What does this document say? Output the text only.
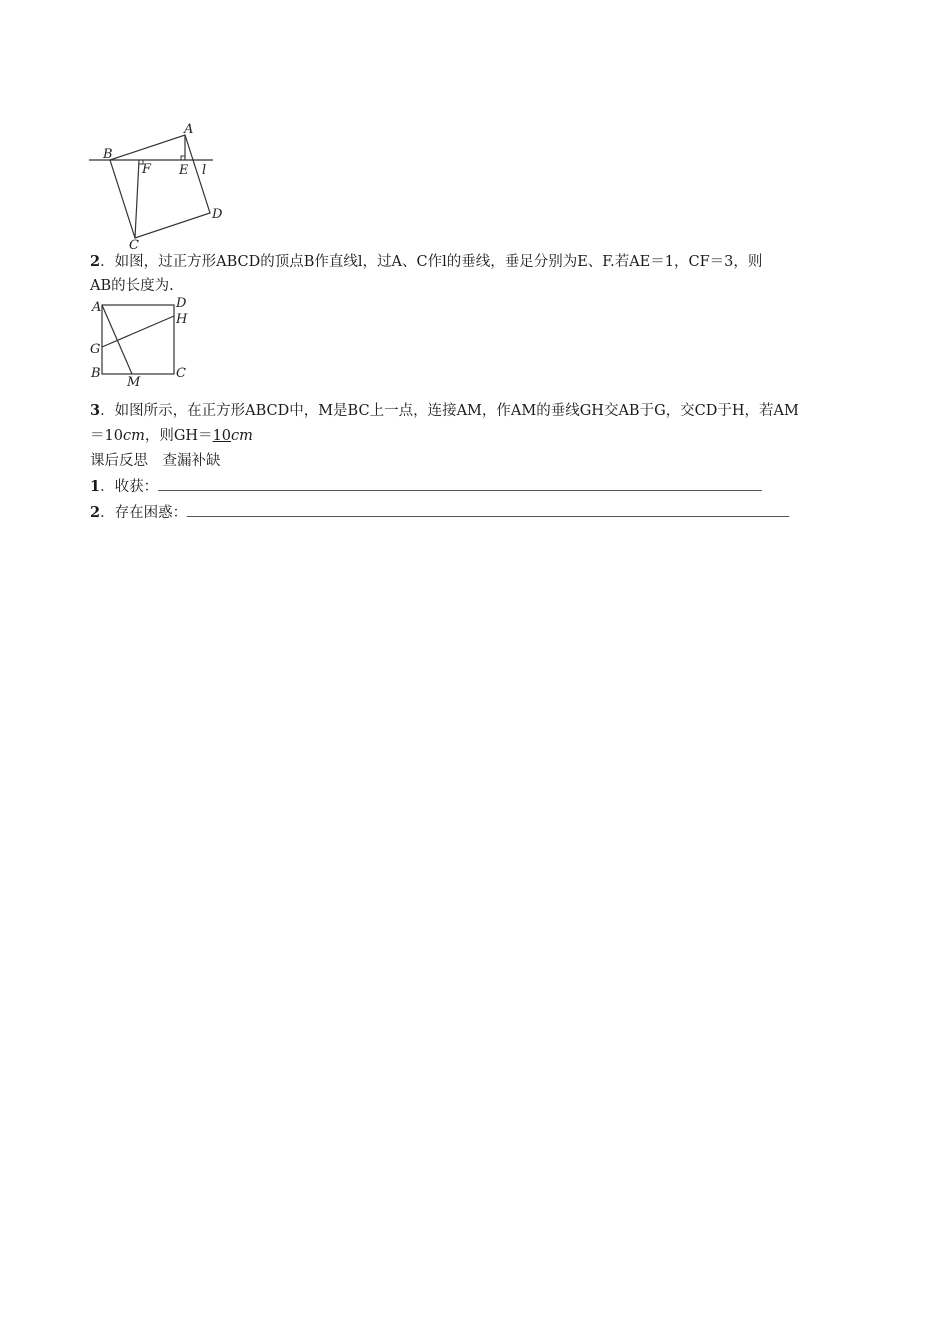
A
B
C
D
E
F	l
2．如图，过正方形ABCD的顶点B作直线l，过A、C作l的垂线，垂足分别为E、F.若AE＝1，CF＝3，则
AB的长度为.
A	D
H
G
B	C
M
3．如图所示，在正方形ABCD中，M是BC上一点，连接AM，作AM的垂线GH交AB于G，交CD于H，若AM
＝10cm，则GH＝10cm
课后反思　查漏补缺
1．收获：
2．存在困惑：
